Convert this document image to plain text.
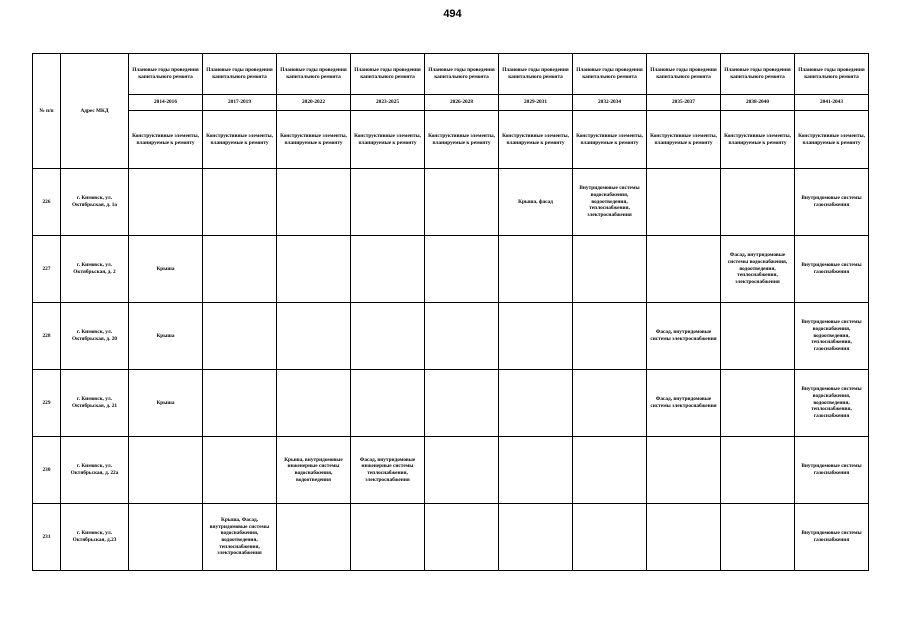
494
№ п/п	Адрес МКД	Плановые годы проведения капитального ремонта	Плановые годы проведения капитального ремонта	Плановые годы проведения капитального ремонта	Плановые годы проведения капитального ремонта	Плановые годы проведения капитального ремонта	Плановые годы проведения капитального ремонта	Плановые годы проведения капитального ремонта	Плановые годы проведения капитального ремонта	Плановые годы проведения капитального ремонта	Плановые годы проведения капитального ремонта
		2014-2016	2017-2019	2020-2022	2023-2025	2026-2028	2029-2031	2032-2034	2035-2037	2038-2040	2041-2043
		Конструктивные элементы, планируемые к ремонту	Конструктивные элементы, планируемые к ремонту	Конструктивные элементы, планируемые к ремонту	Конструктивные элементы, планируемые к ремонту	Конструктивные элементы, планируемые к ремонту	Конструктивные элементы, планируемые к ремонту	Конструктивные элементы, планируемые к ремонту	Конструктивные элементы, планируемые к ремонту	Конструктивные элементы, планируемые к ремонту	Конструктивные элементы, планируемые к ремонту
226	г. Кимовск, ул. Октябрьская, д. 1а						Крыша, фасад	Внутридомовые системы водоснабжения, водоотведения, теплоснабжения, электроснабжения			Внутридомовые системы газоснабжения
227	г. Кимовск, ул. Октябрьская, д. 2	Крыша								Фасад, внутридомовые системы водоснабжения, водоотведения, теплоснабжения, электроснабжения	Внутридомовые системы газоснабжения
228	г. Кимовск, ул. Октябрьская, д. 20	Крыша							Фасад, внутридомовые системы электроснабжения		Внутридомовые системы водоснабжения, водоотведения, теплоснабжения, газоснабжения
229	г. Кимовск, ул. Октябрьская, д. 21	Крыша							Фасад, внутридомовые системы электроснабжения		Внутридомовые системы водоснабжения, водоотведения, теплоснабжения, газоснабжения
230	г. Кимовск, ул. Октябрьская, д. 22а			Крыша, внутридомовые инженерные системы водоснабжения, водоотведения	Фасад, внутридомовые инженерные системы теплоснабжения, электроснабжения						Внутридомовые системы газоснабжения
231	г. Кимовск, ул. Октябрьская, д.23		Крыша, Фасад, внутридомовые системы водоснабжения, водоотведения, теплоснабжения, электроснабжения								Внутридомовые системы газоснабжения
